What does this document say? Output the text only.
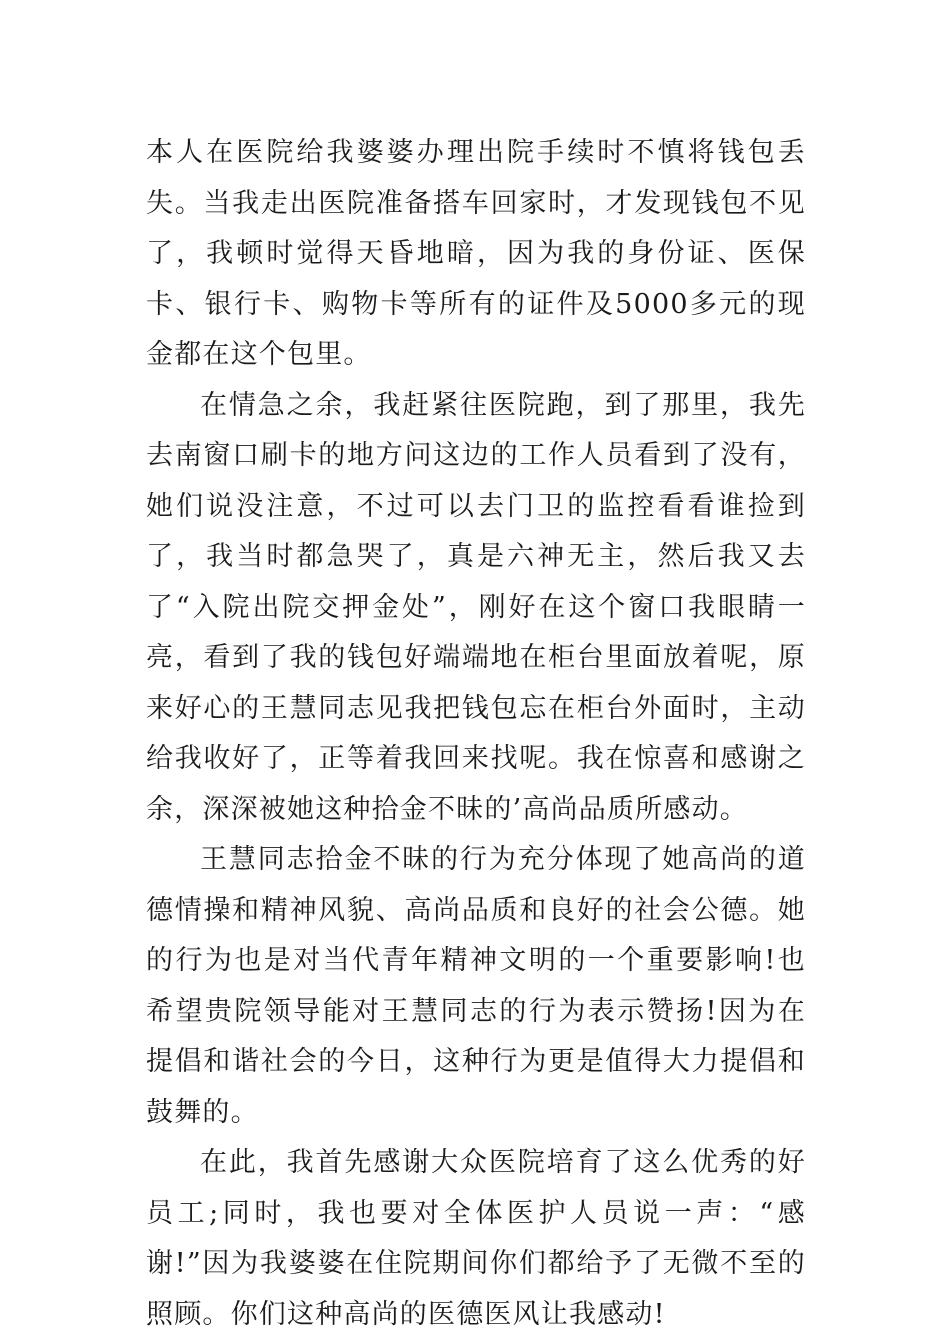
本人在医院给我婆婆办理出院手续时不慎将钱包丢失。当我走出医院准备搭车回家时，才发现钱包不见了，我顿时觉得天昏地暗，因为我的身份证、医保卡、银行卡、购物卡等所有的证件及5000多元的现金都在这个包里。

在情急之余，我赶紧往医院跑，到了那里，我先去南窗口刷卡的地方问这边的工作人员看到了没有，她们说没注意，不过可以去门卫的监控看看谁捡到了，我当时都急哭了，真是六神无主，然后我又去了“入院出院交押金处”，刚好在这个窗口我眼睛一亮，看到了我的钱包好端端地在柜台里面放着呢，原来好心的王慧同志见我把钱包忘在柜台外面时，主动给我收好了，正等着我回来找呢。我在惊喜和感谢之余，深深被她这种拾金不昧的’高尚品质所感动。

王慧同志拾金不昧的行为充分体现了她高尚的道德情操和精神风貌、高尚品质和良好的社会公德。她的行为也是对当代青年精神文明的一个重要影响!也希望贵院领导能对王慧同志的行为表示赞扬!因为在提倡和谐社会的今日，这种行为更是值得大力提倡和鼓舞的。

在此，我首先感谢大众医院培育了这么优秀的好员工;同时，我也要对全体医护人员说一声：“感谢!”因为我婆婆在住院期间你们都给予了无微不至的照顾。你们这种高尚的医德医风让我感动!
